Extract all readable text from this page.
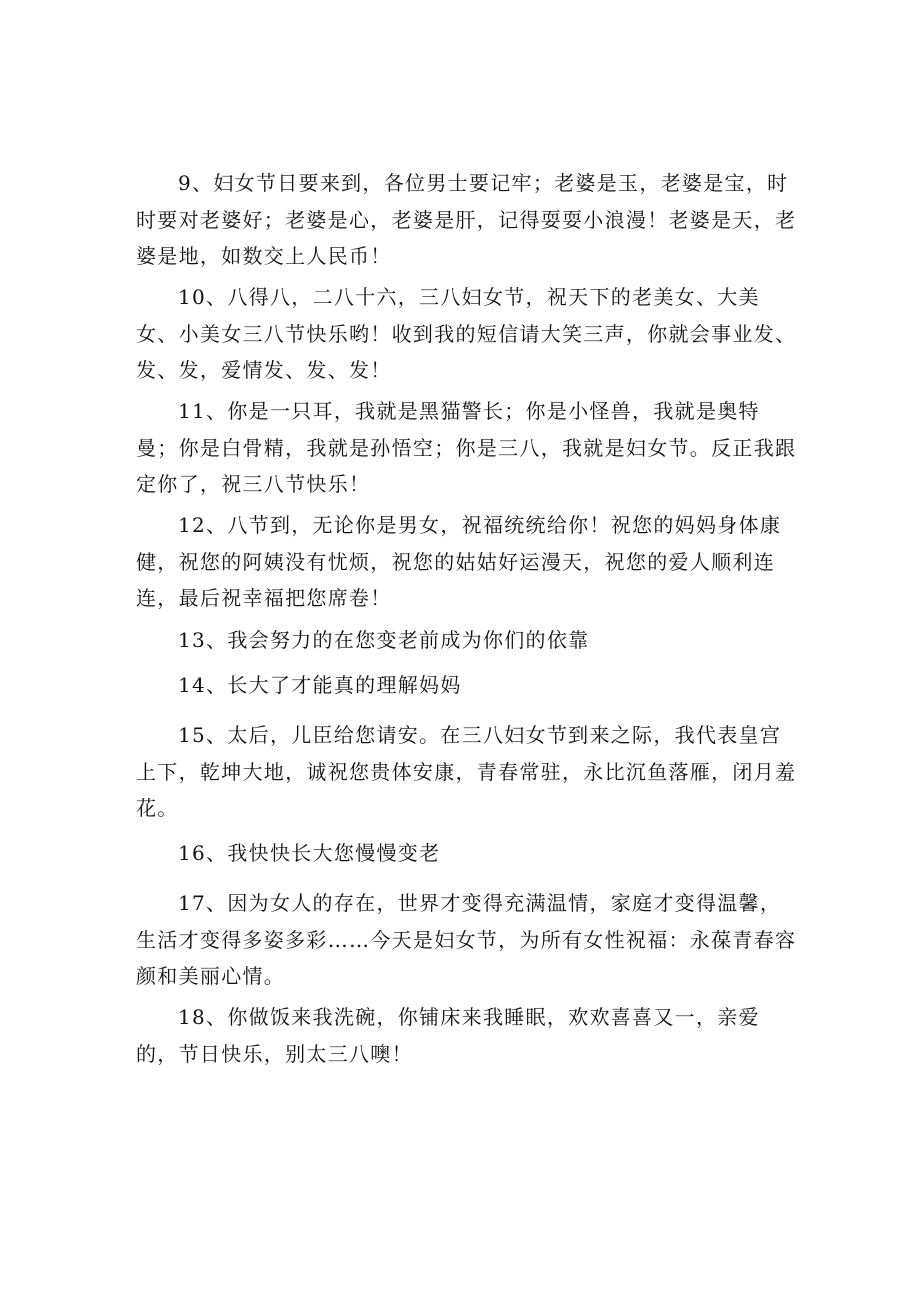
9、妇女节日要来到，各位男士要记牢；老婆是玉，老婆是宝，时时要对老婆好；老婆是心，老婆是肝，记得耍耍小浪漫！老婆是天，老婆是地，如数交上人民币！

10、八得八，二八十六，三八妇女节，祝天下的老美女、大美女、小美女三八节快乐哟！收到我的短信请大笑三声，你就会事业发、发、发，爱情发、发、发！

11、你是一只耳，我就是黑猫警长；你是小怪兽，我就是奥特曼；你是白骨精，我就是孙悟空；你是三八，我就是妇女节。反正我跟定你了，祝三八节快乐！

12、八节到，无论你是男女，祝福统统给你！祝您的妈妈身体康健，祝您的阿姨没有忧烦，祝您的姑姑好运漫天，祝您的爱人顺利连连，最后祝幸福把您席卷！

13、我会努力的在您变老前成为你们的依靠

14、长大了才能真的理解妈妈

15、太后，儿臣给您请安。在三八妇女节到来之际，我代表皇宫上下，乾坤大地，诚祝您贵体安康，青春常驻，永比沉鱼落雁，闭月羞花。

16、我快快长大您慢慢变老

17、因为女人的存在，世界才变得充满温情，家庭才变得温馨，生活才变得多姿多彩……今天是妇女节，为所有女性祝福：永葆青春容颜和美丽心情。

18、你做饭来我洗碗，你铺床来我睡眠，欢欢喜喜又一，亲爱的，节日快乐，别太三八噢！
